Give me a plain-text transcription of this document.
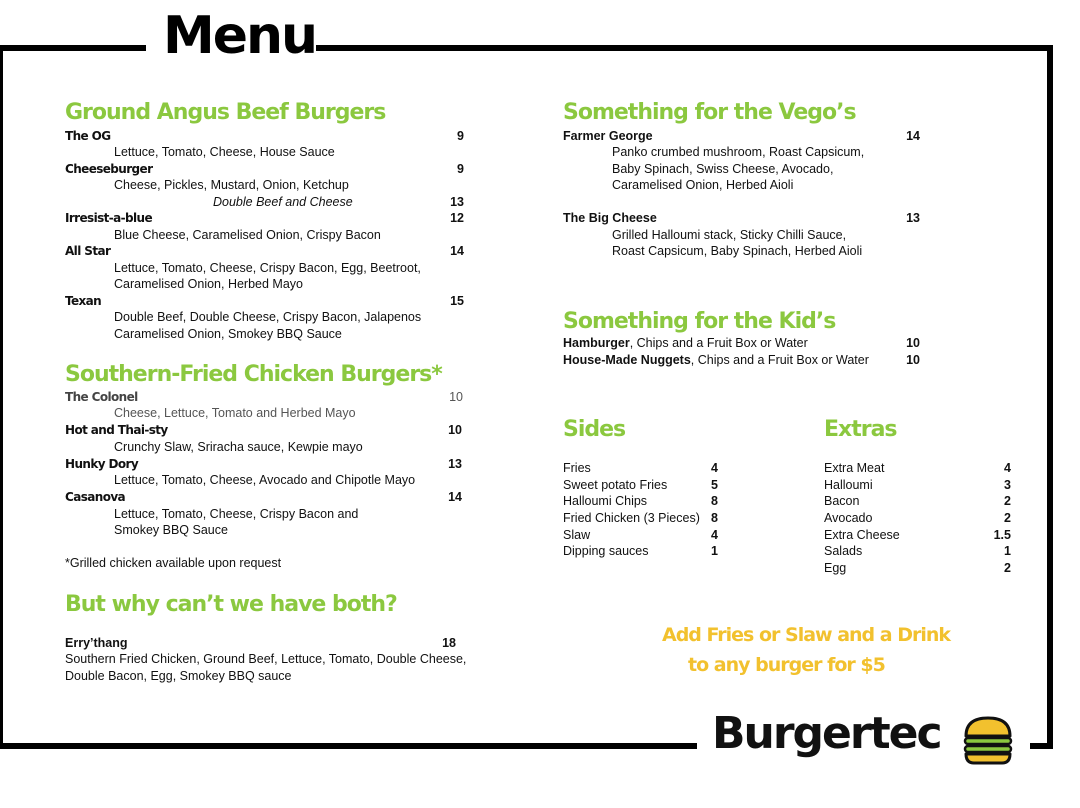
Menu
Ground Angus Beef Burgers
The OG	9
Lettuce, Tomato, Cheese, House Sauce
Cheeseburger	9
Cheese, Pickles, Mustard, Onion, Ketchup
Double Beef and Cheese	13
Irresist-a-blue	12
Blue Cheese, Caramelised Onion, Crispy Bacon
All Star	14
Lettuce, Tomato, Cheese, Crispy Bacon, Egg, Beetroot,
Caramelised Onion, Herbed Mayo
Texan	15
Double Beef, Double Cheese, Crispy Bacon, Jalapenos
Caramelised Onion, Smokey BBQ Sauce
Southern-Fried Chicken Burgers*
The Colonel	10
Cheese, Lettuce, Tomato and Herbed Mayo
Hot and Thai-sty	10
Crunchy Slaw, Sriracha sauce, Kewpie mayo
Hunky Dory	13
Lettuce, Tomato, Cheese, Avocado and Chipotle Mayo
Casanova	14
Lettuce, Tomato, Cheese, Crispy Bacon and
Smokey BBQ Sauce
*Grilled chicken available upon request
But why can’t we have both?
Erry’thang	18
Southern Fried Chicken, Ground Beef, Lettuce, Tomato, Double Cheese,
Double Bacon, Egg, Smokey BBQ sauce
Something for the Vego’s
Farmer George	14
Panko crumbed mushroom, Roast Capsicum,
Baby Spinach, Swiss Cheese, Avocado,
Caramelised Onion, Herbed Aioli
The Big Cheese	13
Grilled Halloumi stack, Sticky Chilli Sauce,
Roast Capsicum, Baby Spinach, Herbed Aioli
Something for the Kid’s
Hamburger, Chips and a Fruit Box or Water	10
House-Made Nuggets, Chips and a Fruit Box or Water	10
Sides
Fries	4
Sweet potato Fries	5
Halloumi Chips	8
Fried Chicken (3 Pieces) 8
Slaw	4
Dipping sauces	1
Extras
Extra Meat	4
Halloumi	3
Bacon	2
Avocado	2
Extra Cheese	1.5
Salads	1
Egg	2
Add Fries or Slaw and a Drink
to any burger for $5
Burgertec
